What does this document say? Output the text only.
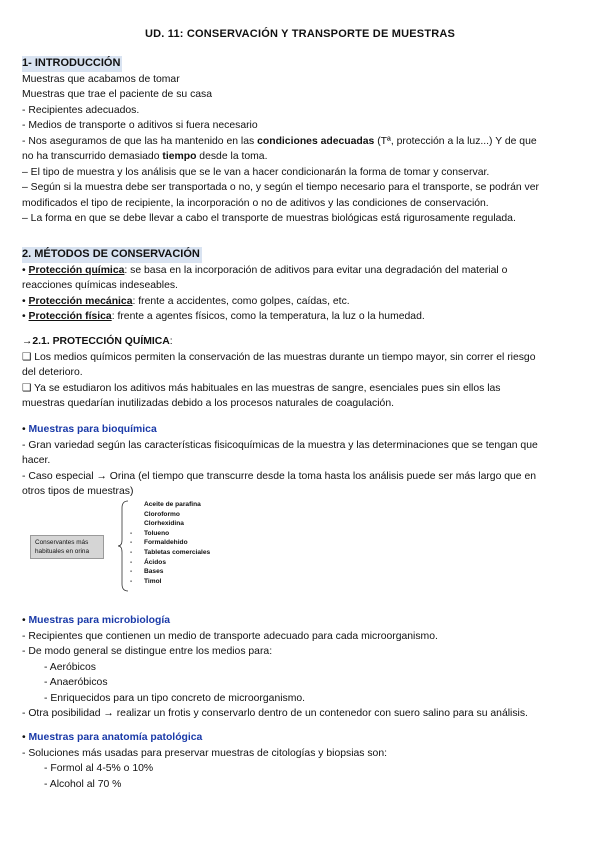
UD. 11: CONSERVACIÓN Y TRANSPORTE DE MUESTRAS
1- INTRODUCCIÓN
Muestras que acabamos de tomar
Muestras que trae el paciente de su casa
- Recipientes adecuados.
- Medios de transporte o aditivos si fuera necesario
- Nos aseguramos de que las ha mantenido en las condiciones adecuadas (Tª, protección a la luz...) Y de que
no ha transcurrido demasiado tiempo desde la toma.
– El tipo de muestra y los análisis que se le van a hacer condicionarán la forma de tomar y conservar.
– Según si la muestra debe ser transportada o no, y según el tiempo necesario para el transporte, se podrán ver
modificados el tipo de recipiente, la incorporación o no de aditivos y las condiciones de conservación.
– La forma en que se debe llevar a cabo el transporte de muestras biológicas está rigurosamente regulada.
2. MÉTODOS DE CONSERVACIÓN
• Protección química: se basa en la incorporación de aditivos para evitar una degradación del material o
reacciones químicas indeseables.
• Protección mecánica: frente a accidentes, como golpes, caídas, etc.
• Protección física: frente a agentes físicos, como la temperatura, la luz o la humedad.
→2.1. PROTECCIÓN QUÍMICA:
❑ Los medios químicos permiten la conservación de las muestras durante un tiempo mayor, sin correr el riesgo
del deterioro.
❑ Ya se estudiaron los aditivos más habituales en las muestras de sangre, esenciales pues sin ellos las
muestras quedarían inutilizadas debido a los procesos naturales de coagulación.
• Muestras para bioquímica
- Gran variedad según las características fisicoquímicas de la muestra y las determinaciones que se tengan que
hacer.
- Caso especial → Orina (el tiempo que transcurre desde la toma hasta los análisis puede ser más largo que en
otros tipos de muestras)
Conservantes más habituales en orina
Aceite de parafina
Cloroformo
Clorhexidina
- Tolueno
- Formaldehido
- Tabletas comerciales
- Ácidos
- Bases
- Timol
• Muestras para microbiología
- Recipientes que contienen un medio de transporte adecuado para cada microorganismo.
- De modo general se distingue entre los medios para:
- Aeróbicos
- Anaeróbicos
- Enriquecidos para un tipo concreto de microorganismo.
- Otra posibilidad → realizar un frotis y conservarlo dentro de un contenedor con suero salino para su análisis.
• Muestras para anatomía patológica
- Soluciones más usadas para preservar muestras de citologías y biopsias son:
- Formol al 4-5% o 10%
- Alcohol al 70 %
